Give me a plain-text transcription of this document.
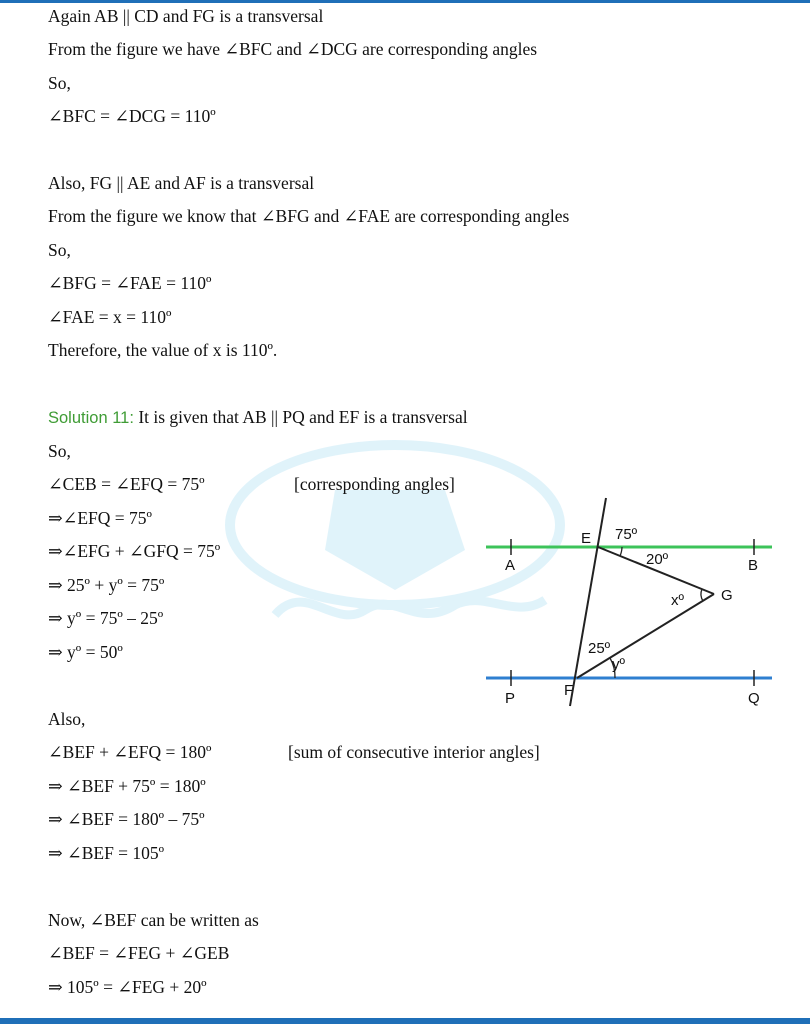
Again AB || CD and FG is a transversal
From the figure we have ∠BFC and ∠DCG are corresponding angles
So,
∠BFC = ∠DCG = 110º
Also, FG || AE and AF is a transversal
From the figure we know that ∠BFG and ∠FAE are corresponding angles
So,
∠BFG = ∠FAE = 110º
∠FAE = x = 110º
Therefore, the value of x is 110º.
Solution 11: It is given that AB || PQ and EF is a transversal
So,
∠CEB = ∠EFQ = 75º	[corresponding angles]
⇒∠EFQ = 75º
⇒∠EFG + ∠GFQ = 75º
⇒ 25º + yº = 75º
⇒ yº = 75º – 25º
⇒ yº = 50º
Also,
∠BEF + ∠EFQ = 180º	[sum of consecutive interior angles]
⇒ ∠BEF + 75º = 180º
⇒ ∠BEF = 180º – 75º
⇒ ∠BEF = 105º
Now, ∠BEF can be written as
∠BEF = ∠FEG + ∠GEB
⇒ 105º = ∠FEG + 20º
E 75º
20º
A	B
xº G
25º
yº
F
P	Q
